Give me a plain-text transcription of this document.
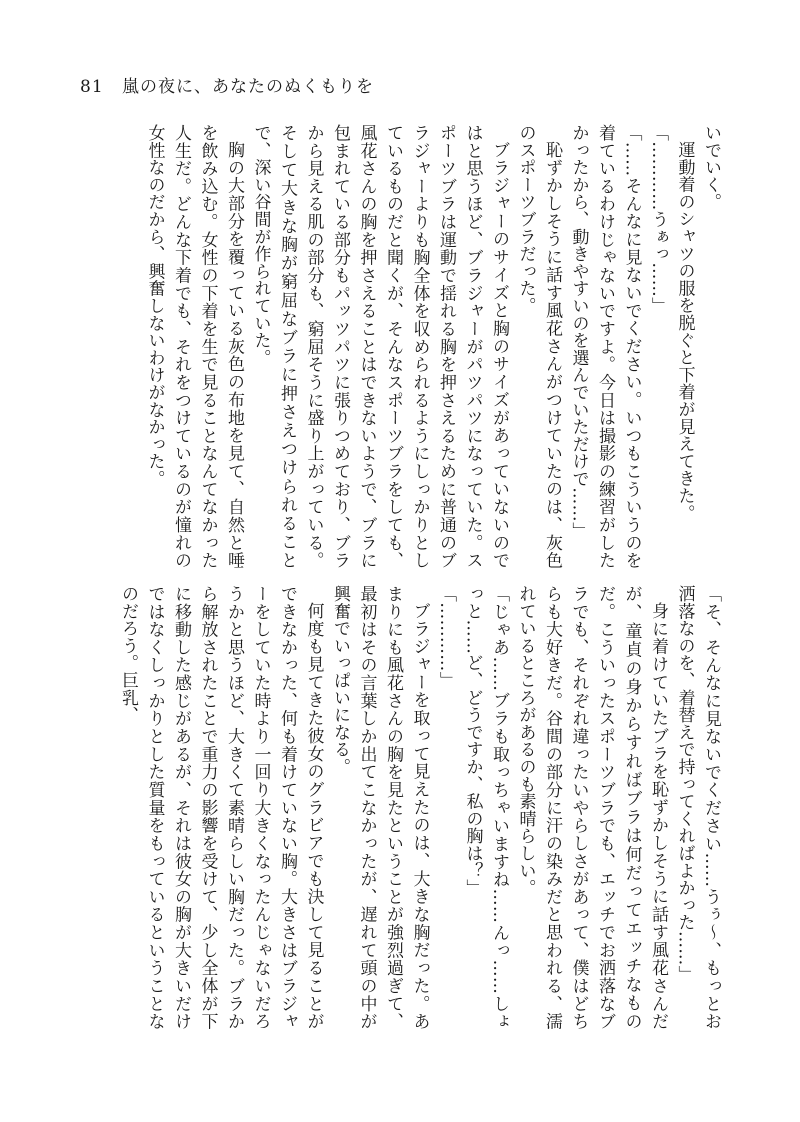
81 嵐の夜に、あなたのぬくもりを

いでいく。

運動着のシャツの服を脱ぐと下着が見えてきた。

「…………うぁっ……」

「……そんなに見ないでください。いつもこういうのを着ているわけじゃないですよ。今日は撮影の練習がしたかったから、動きやすいのを選んでいただけで……」

恥ずかしそうに話す風花さんがつけていたのは、灰色のスポーツブラだった。

ブラジャーのサイズと胸のサイズがあっていないのではと思うほど、ブラジャーがパツパツになっていた。スポーツブラは運動で揺れる胸を押さえるために普通のブラジャーよりも胸全体を収められるようにしっかりとしているものだと聞くが、そんなスポーツブラをしても、風花さんの胸を押さえることはできないようで、ブラに包まれている部分もパッツパツに張りつめており、ブラから見える肌の部分も、窮屈そうに盛り上がっている。そして大きな胸が窮屈なブラに押さえつけられることで、深い谷間が作られていた。

胸の大部分を覆っている灰色の布地を見て、自然と唾を飲み込む。女性の下着を生で見ることなんてなかった人生だ。どんな下着でも、それをつけているのが憧れの女性なのだから、興奮しないわけがなかった。

「そ、そんなに見ないでください……うぅ〜、もっとお洒落なのを、着替えで持ってくればよかった……」

身に着けていたブラを恥ずかしそうに話す風花さんだが、童貞の身からすればブラは何だってエッチなものだ。こういったスポーツブラでも、エッチでお洒落なブラでも、それぞれ違ったいやらしさがあって、僕はどちらも大好きだ。谷間の部分に汗の染みだと思われる、濡れているところがあるのも素晴らしい。

「じゃあ……ブラも取っちゃいますね……んっ……しょっと……ど、どうですか、私の胸は？」

「…………」

ブラジャーを取って見えたのは、大きな胸だった。あまりにも風花さんの胸を見たということが強烈過ぎて、最初はその言葉しか出てこなかったが、遅れて頭の中が興奮でいっぱいになる。

何度も見てきた彼女のグラビアでも決して見ることができなかった、何も着けていない胸。大きさはブラジャーをしていた時より一回り大きくなったんじゃないだろうかと思うほど、大きくて素晴らしい胸だった。ブラから解放されたことで重力の影響を受けて、少し全体が下に移動した感じがあるが、それは彼女の胸が大きいだけではなくしっかりとした質量をもっているということなのだろう。巨乳、
